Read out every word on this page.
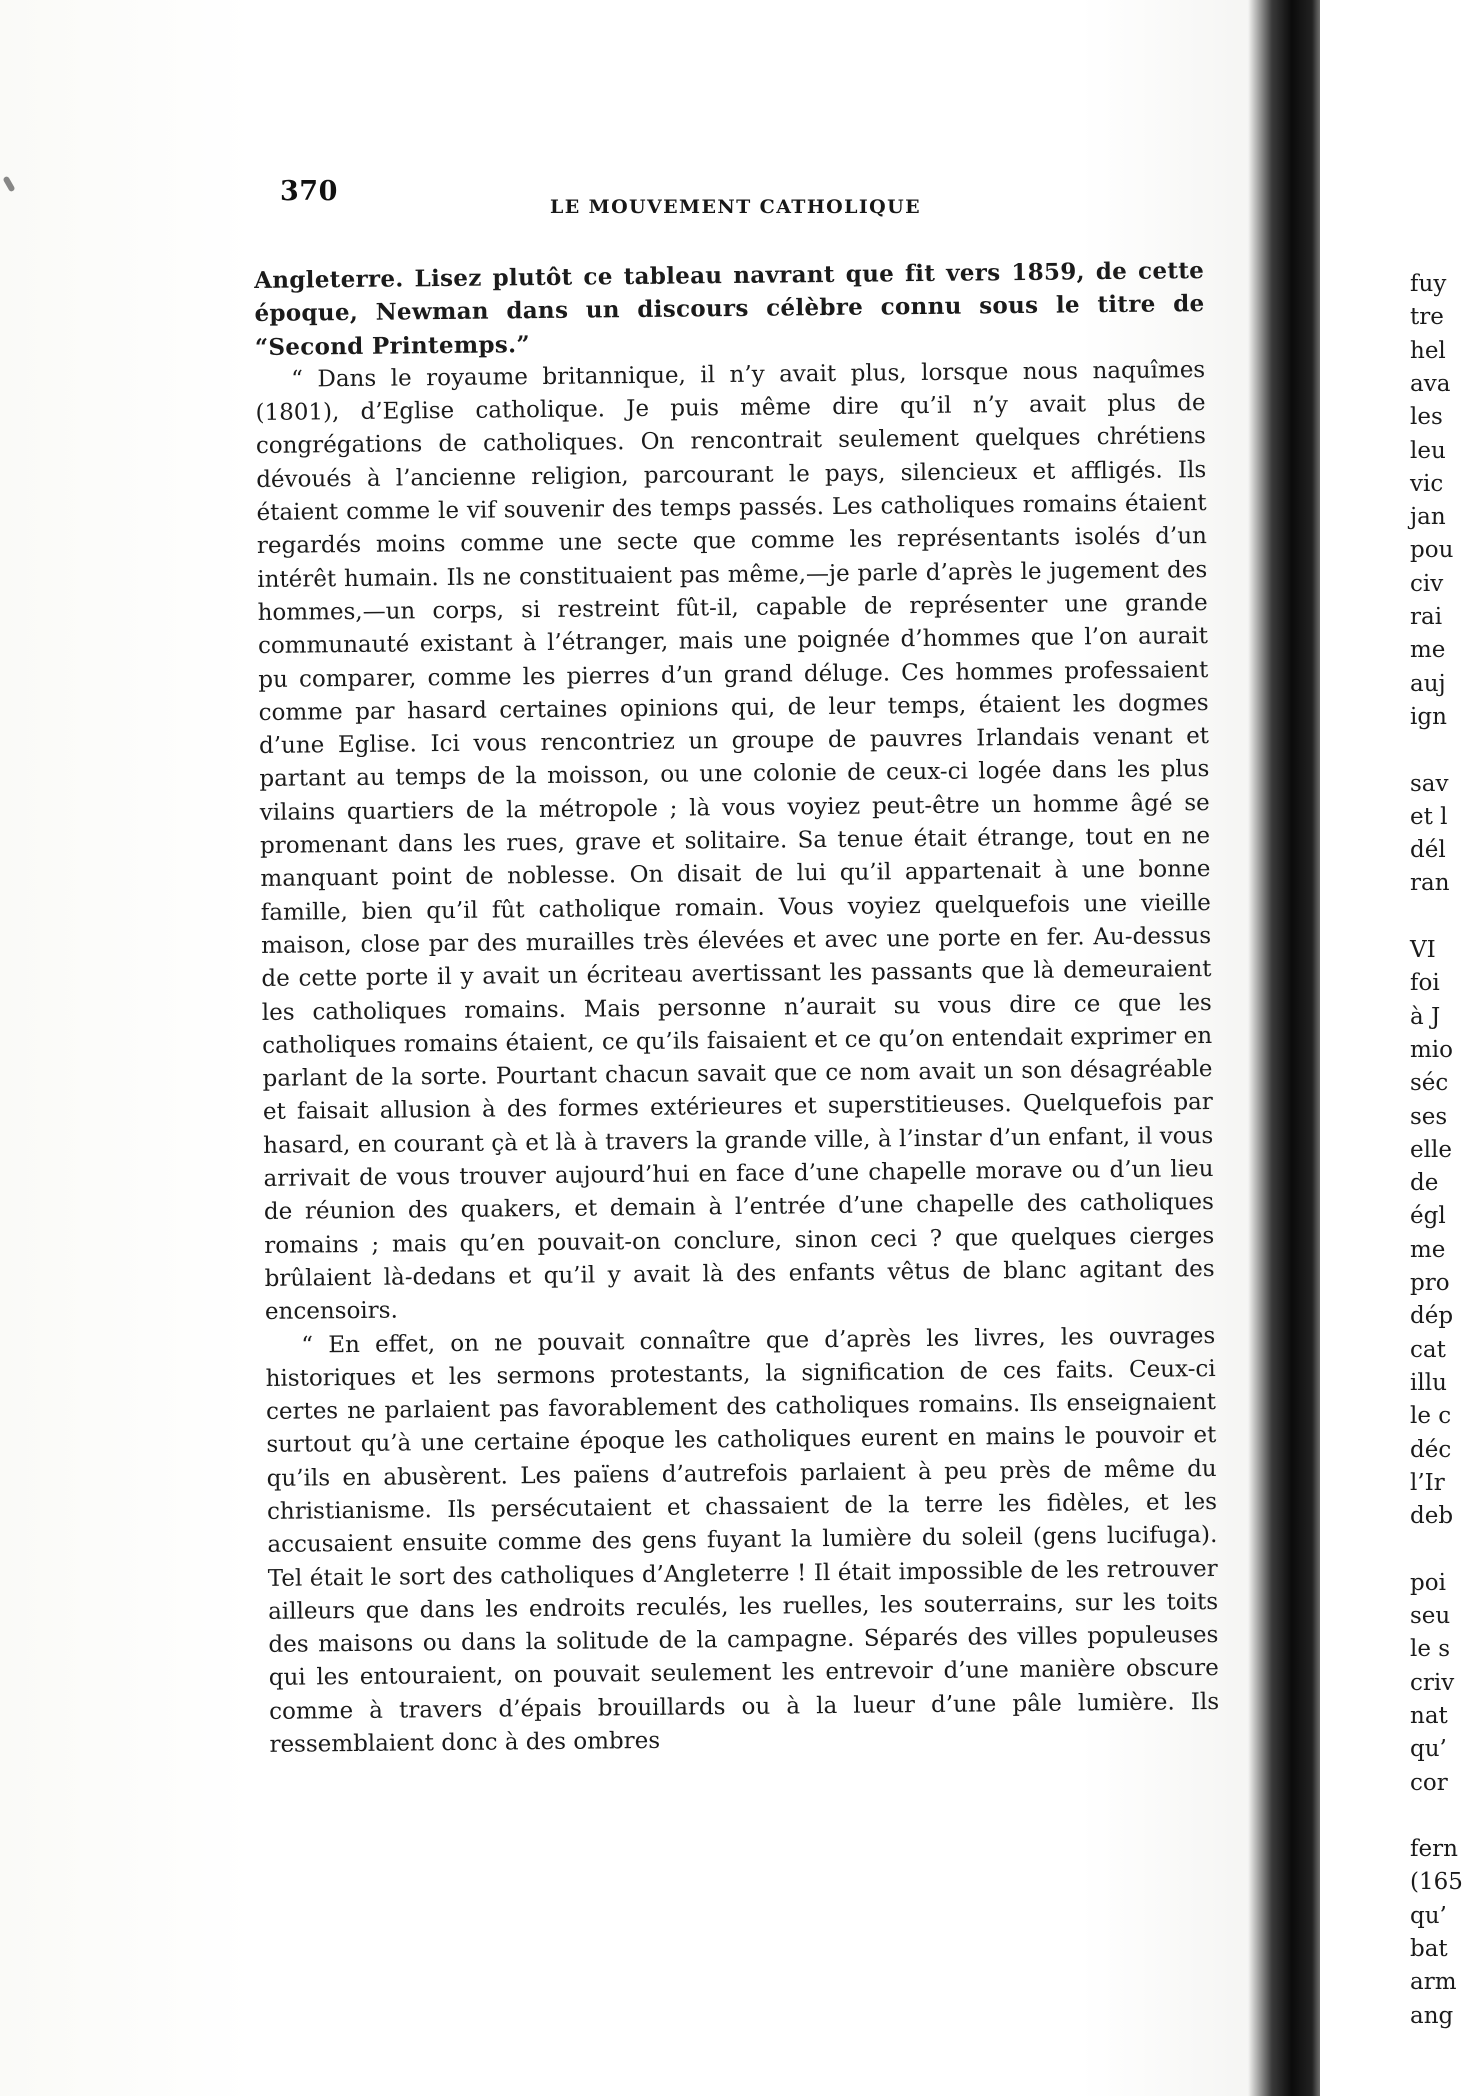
370	LE MOUVEMENT CATHOLIQUE

Angleterre. Lisez plutôt ce tableau navrant que fit vers 1859, de cette époque, Newman dans un discours célèbre connu sous le titre de “Second Printemps.”

“ Dans le royaume britannique, il n’y avait plus, lorsque nous naquîmes (1801), d’Eglise catholique. Je puis même dire qu’il n’y avait plus de congrégations de catholiques. On rencontrait seulement quelques chrétiens dévoués à l’ancienne religion, parcourant le pays, silencieux et affligés. Ils étaient comme le vif souvenir des temps passés. Les catholiques romains étaient regardés moins comme une secte que comme les représentants isolés d’un intérêt humain. Ils ne constituaient pas même,—je parle d’après le jugement des hommes,—un corps, si restreint fût-il, capable de représenter une grande communauté existant à l’étranger, mais une poignée d’hommes que l’on aurait pu comparer, comme les pierres d’un grand déluge. Ces hommes professaient comme par hasard certaines opinions qui, de leur temps, étaient les dogmes d’une Eglise. Ici vous rencontriez un groupe de pauvres Irlandais venant et partant au temps de la moisson, ou une colonie de ceux-ci logée dans les plus vilains quartiers de la métropole ; là vous voyiez peut-être un homme âgé se promenant dans les rues, grave et solitaire. Sa tenue était étrange, tout en ne manquant point de noblesse. On disait de lui qu’il appartenait à une bonne famille, bien qu’il fût catholique romain. Vous voyiez quelquefois une vieille maison, close par des murailles très élevées et avec une porte en fer. Au-dessus de cette porte il y avait un écriteau avertissant les passants que là demeuraient les catholiques romains. Mais personne n’aurait su vous dire ce que les catholiques romains étaient, ce qu’ils faisaient et ce qu’on entendait exprimer en parlant de la sorte. Pourtant chacun savait que ce nom avait un son désagréable et faisait allusion à des formes extérieures et superstitieuses. Quelquefois par hasard, en courant çà et là à travers la grande ville, à l’instar d’un enfant, il vous arrivait de vous trouver aujourd’hui en face d’une chapelle morave ou d’un lieu de réunion des quakers, et demain à l’entrée d’une chapelle des catholiques romains ; mais qu’en pouvait-on conclure, sinon ceci ? que quelques cierges brûlaient là-dedans et qu’il y avait là des enfants vêtus de blanc agitant des encensoirs.

“ En effet, on ne pouvait connaître que d’après les livres, les ouvrages historiques et les sermons protestants, la signification de ces faits. Ceux-ci certes ne parlaient pas favorablement des catholiques romains. Ils enseignaient surtout qu’à une certaine époque les catholiques eurent en mains le pouvoir et qu’ils en abusèrent. Les païens d’autrefois parlaient à peu près de même du christianisme. Ils persécutaient et chassaient de la terre les fidèles, et les accusaient ensuite comme des gens fuyant la lumière du soleil (gens lucifuga). Tel était le sort des catholiques d’Angleterre ! Il était impossible de les retrouver ailleurs que dans les endroits reculés, les ruelles, les souterrains, sur les toits des maisons ou dans la solitude de la campagne. Séparés des villes populeuses qui les entouraient, on pouvait seulement les entrevoir d’une manière obscure comme à travers d’épais brouillards ou à la lueur d’une pâle lumière. Ils ressemblaient donc à des ombres

fuy
tre
hel
ava
les
leu
vic
jan
pou
civ
rai
me
auj
ign
sav
et l
dél
ran
VI
foi
à J
mio
séc
ses
elle
de
égl
me
pro
dép
cat
illu
le c
déc
l’Ir
deb
poi
seu
le s
criv
nat
qu’
cor
fern
(165
qu’
bat
arm
ang
